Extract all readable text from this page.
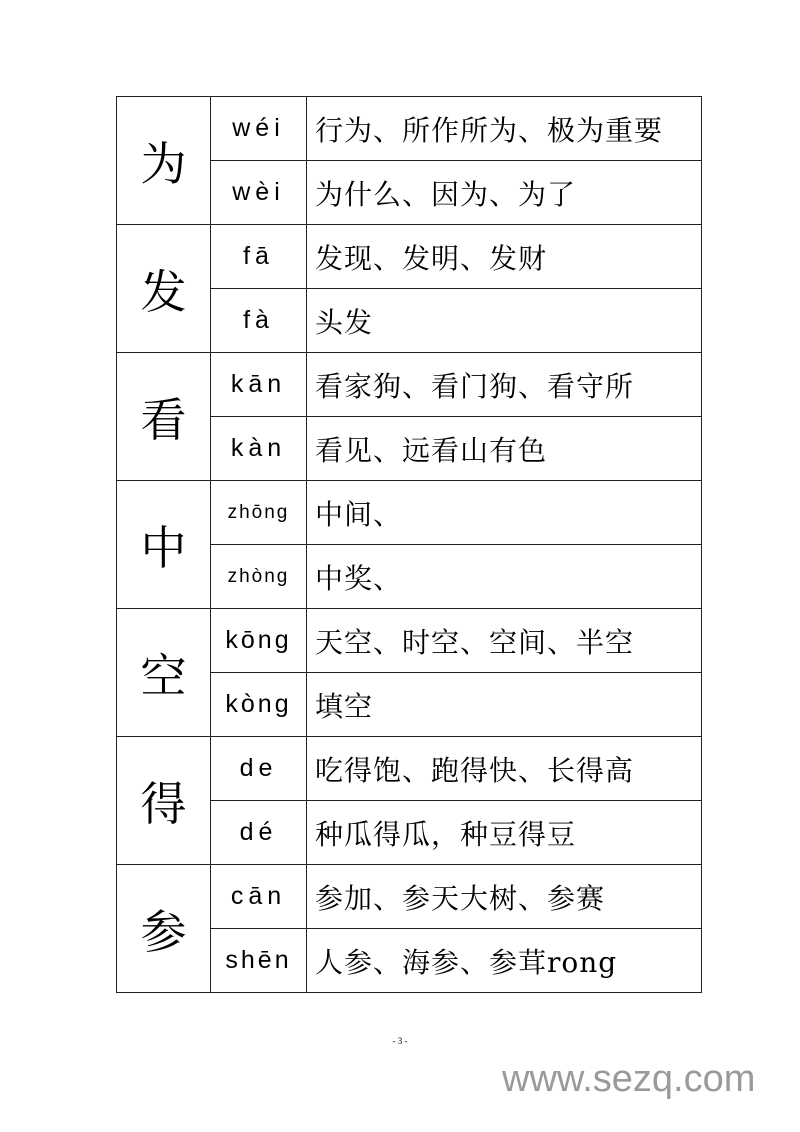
为	wéi	行为、所作所为、极为重要
	wèi	为什么、因为、为了
发	fā	发现、发明、发财
	fà	头发
看	kān	看家狗、看门狗、看守所
	kàn	看见、远看山有色
中	zhōng	中间、
	zhòng	中奖、
空	kōng	天空、时空、空间、半空
	kòng	填空
得	de	吃得饱、跑得快、长得高
	dé	种瓜得瓜，种豆得豆
参	cān	参加、参天大树、参赛
	shēn	人参、海参、参茸rong
- 3 -
www.sezq.com
